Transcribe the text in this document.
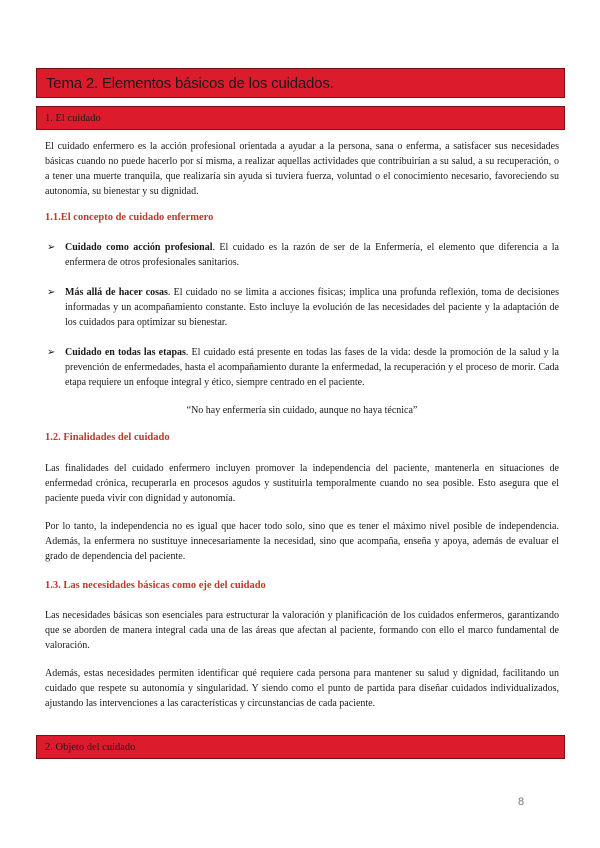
Tema 2. Elementos básicos de los cuidados.
1. El cuidado

El cuidado enfermero es la acción profesional orientada a ayudar a la persona, sana o enferma, a satisfacer sus necesidades básicas cuando no puede hacerlo por sí misma, a realizar aquellas actividades que contribuirían a su salud, a su recuperación, o a tener una muerte tranquila, que realizaría sin ayuda si tuviera fuerza, voluntad o el conocimiento necesario, favoreciendo su autonomía, su bienestar y su dignidad.

1.1.El concepto de cuidado enfermero

➢ Cuidado como acción profesional. El cuidado es la razón de ser de la Enfermería, el elemento que diferencia a la enfermera de otros profesionales sanitarios.
➢ Más allá de hacer cosas. El cuidado no se limita a acciones físicas; implica una profunda reflexión, toma de decisiones informadas y un acompañamiento constante. Esto incluye la evolución de las necesidades del paciente y la adaptación de los cuidados para optimizar su bienestar.
➢ Cuidado en todas las etapas. El cuidado está presente en todas las fases de la vida: desde la promoción de la salud y la prevención de enfermedades, hasta el acompañamiento durante la enfermedad, la recuperación y el proceso de morir. Cada etapa requiere un enfoque integral y ético, siempre centrado en el paciente.
“No hay enfermería sin cuidado, aunque no haya técnica”

1.2. Finalidades del cuidado

Las finalidades del cuidado enfermero incluyen promover la independencia del paciente, mantenerla en situaciones de enfermedad crónica, recuperarla en procesos agudos y sustituirla temporalmente cuando no sea posible. Esto asegura que el paciente pueda vivir con dignidad y autonomía.

Por lo tanto, la independencia no es igual que hacer todo solo, sino que es tener el máximo nivel posible de independencia. Además, la enfermera no sustituye innecesariamente la necesidad, sino que acompaña, enseña y apoya, además de evaluar el grado de dependencia del paciente.

1.3. Las necesidades básicas como eje del cuidado

Las necesidades básicas son esenciales para estructurar la valoración y planificación de los cuidados enfermeros, garantizando que se aborden de manera integral cada una de las áreas que afectan al paciente, formando con ello el marco fundamental de valoración.

Además, estas necesidades permiten identificar qué requiere cada persona para mantener su salud y dignidad, facilitando un cuidado que respete su autonomía y singularidad. Y siendo como el punto de partida para diseñar cuidados individualizados, ajustando las intervenciones a las características y circunstancias de cada paciente.

2. Objeto del cuidado
8
